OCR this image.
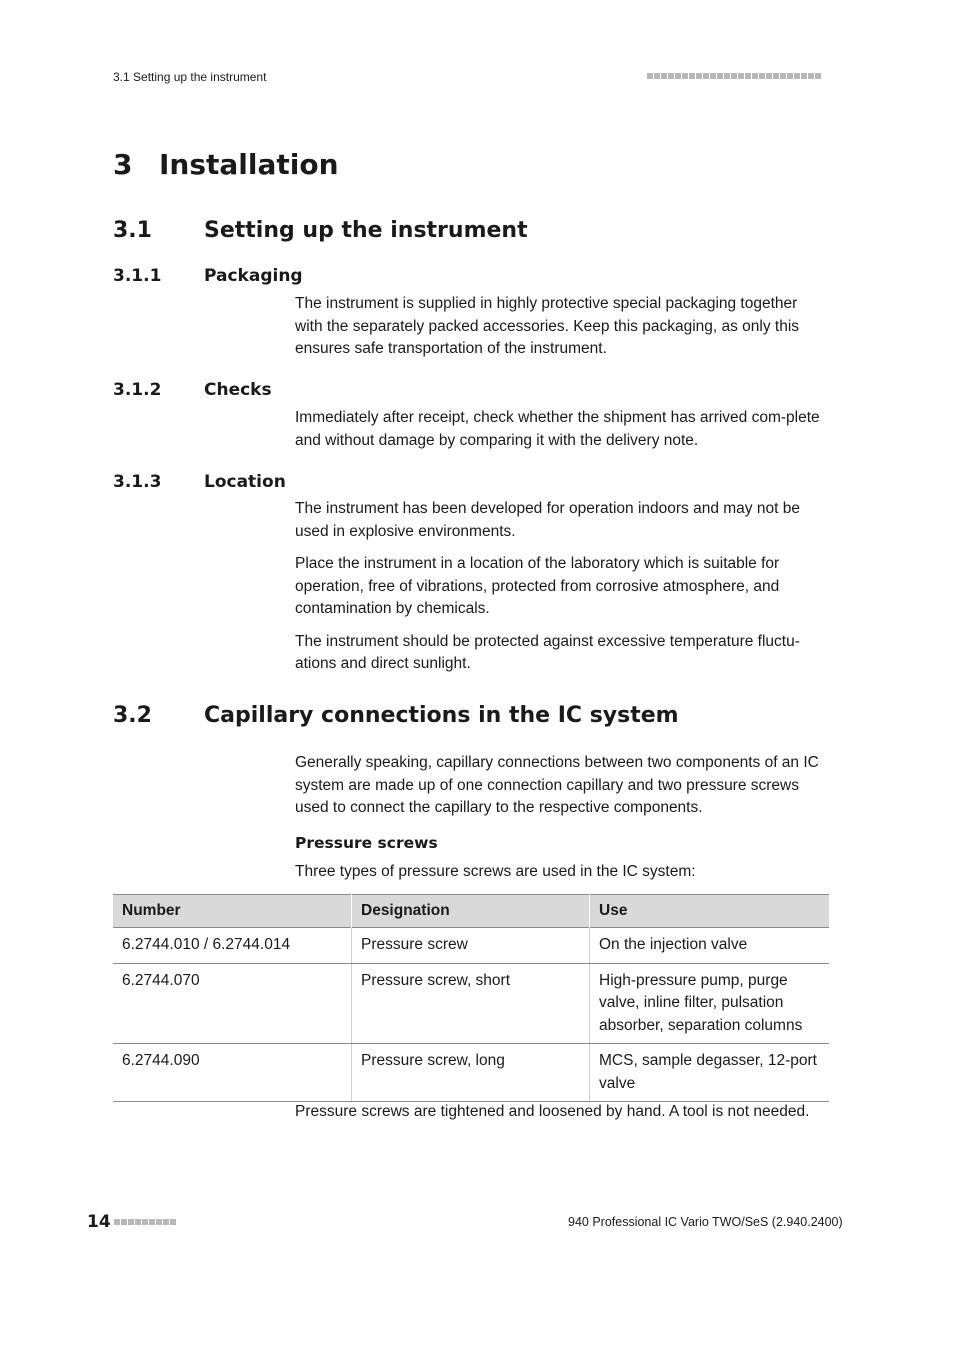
3.1 Setting up the instrument
3 Installation
3.1	Setting up the instrument
3.1.1	Packaging

The instrument is supplied in highly protective special packaging together with the separately packed accessories. Keep this packaging, as only this ensures safe transportation of the instrument.

3.1.2	Checks

Immediately after receipt, check whether the shipment has arrived com-plete and without damage by comparing it with the delivery note.

3.1.3	Location

The instrument has been developed for operation indoors and may not be used in explosive environments.

Place the instrument in a location of the laboratory which is suitable for operation, free of vibrations, protected from corrosive atmosphere, and contamination by chemicals.

The instrument should be protected against excessive temperature fluctu-ations and direct sunlight.

3.2	Capillary connections in the IC system

Generally speaking, capillary connections between two components of an IC system are made up of one connection capillary and two pressure screws used to connect the capillary to the respective components.

Pressure screws

Three types of pressure screws are used in the IC system:

Number	Designation	Use
6.2744.010 / 6.2744.014	Pressure screw	On the injection valve
6.2744.070	Pressure screw, short	High-pressure pump, purge valve, inline filter, pulsation absorber, separation columns
6.2744.090	Pressure screw, long	MCS, sample degasser, 12-port valve

Pressure screws are tightened and loosened by hand. A tool is not needed.

14	940 Professional IC Vario TWO/SeS (2.940.2400)
